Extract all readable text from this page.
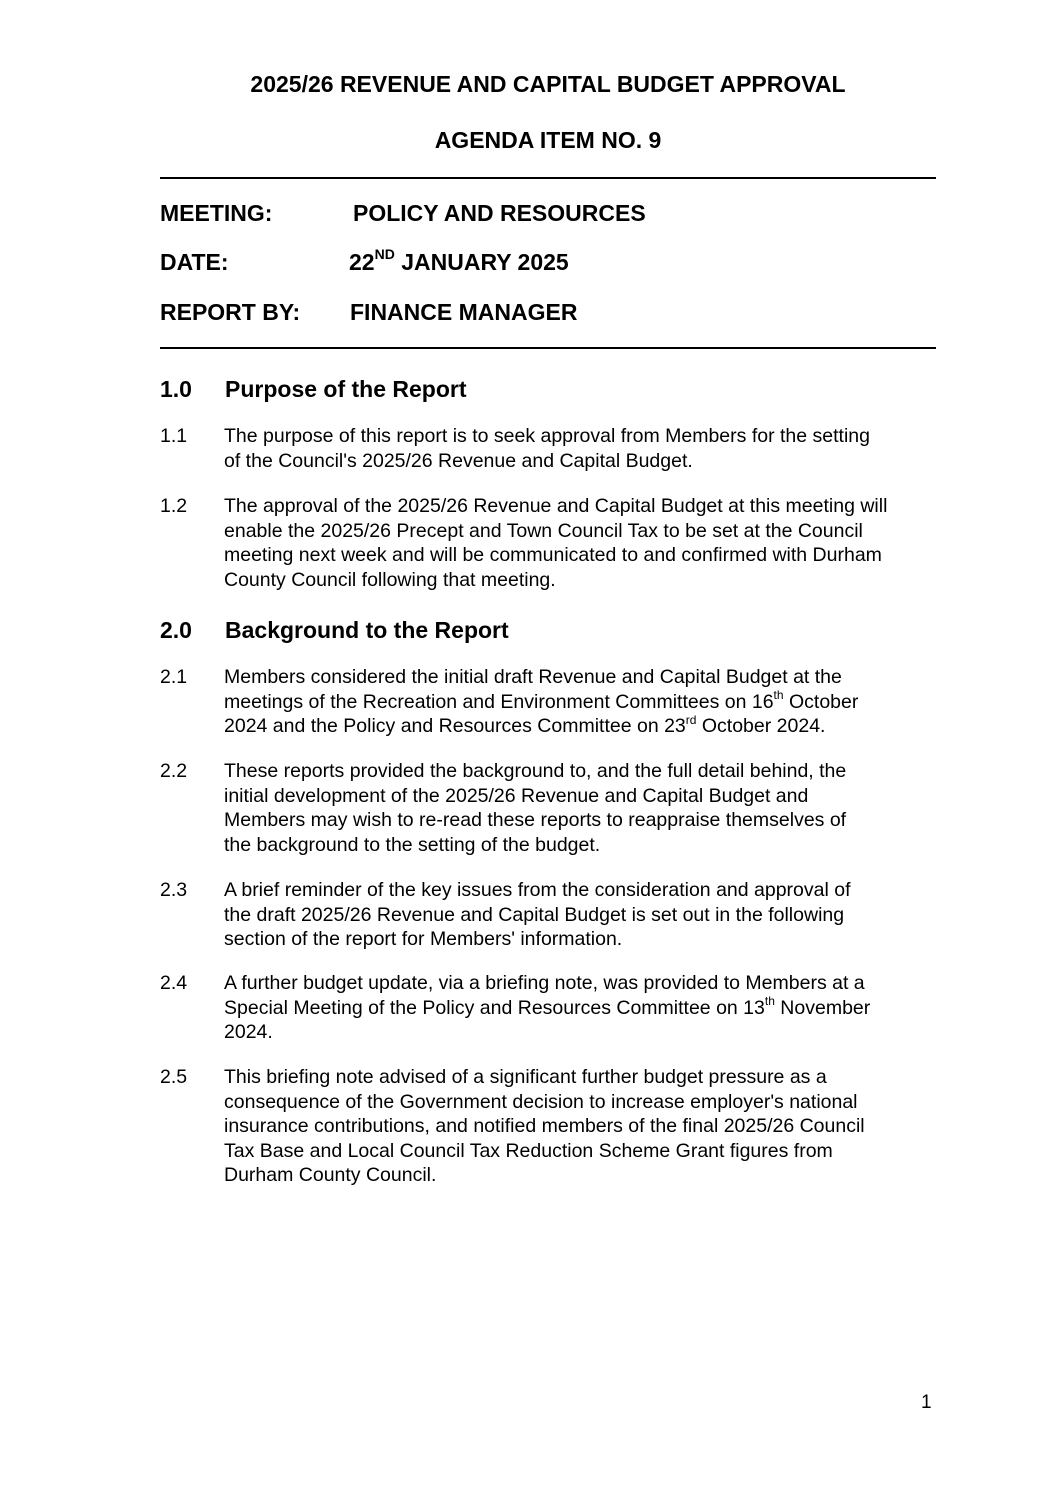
2025/26 REVENUE AND CAPITAL BUDGET APPROVAL
AGENDA ITEM NO. 9
MEETING:	POLICY AND RESOURCES
DATE:	22ND JANUARY 2025
REPORT BY: FINANCE MANAGER
1.0 Purpose of the Report
1.1 The purpose of this report is to seek approval from Members for the setting
of the Council's 2025/26 Revenue and Capital Budget.
1.2 The approval of the 2025/26 Revenue and Capital Budget at this meeting will
enable the 2025/26 Precept and Town Council Tax to be set at the Council
meeting next week and will be communicated to and confirmed with Durham
County Council following that meeting.
2.0 Background to the Report
2.1 Members considered the initial draft Revenue and Capital Budget at the
meetings of the Recreation and Environment Committees on 16th October
2024 and the Policy and Resources Committee on 23rd October 2024.
2.2 These reports provided the background to, and the full detail behind, the
initial development of the 2025/26 Revenue and Capital Budget and
Members may wish to re-read these reports to reappraise themselves of
the background to the setting of the budget.
2.3 A brief reminder of the key issues from the consideration and approval of
the draft 2025/26 Revenue and Capital Budget is set out in the following
section of the report for Members' information.
2.4 A further budget update, via a briefing note, was provided to Members at a
Special Meeting of the Policy and Resources Committee on 13th November
2024.
2.5 This briefing note advised of a significant further budget pressure as a
consequence of the Government decision to increase employer's national
insurance contributions, and notified members of the final 2025/26 Council
Tax Base and Local Council Tax Reduction Scheme Grant figures from
Durham County Council.
1
